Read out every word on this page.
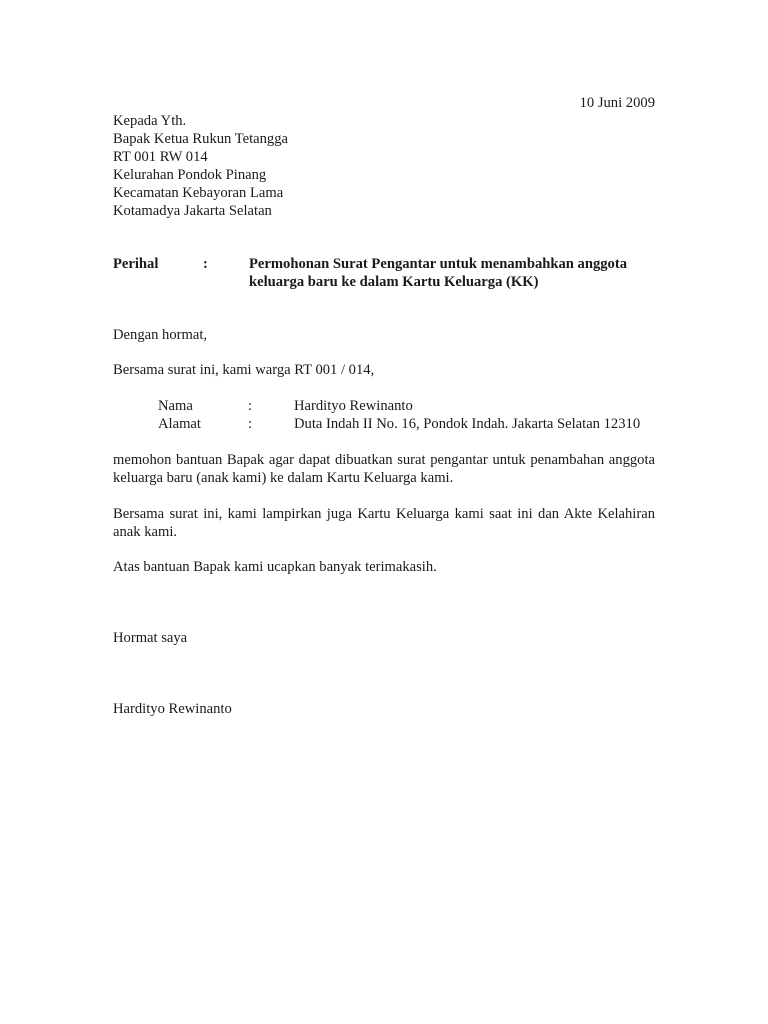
10 Juni 2009
Kepada Yth.
Bapak Ketua Rukun Tetangga
RT 001 RW 014
Kelurahan Pondok Pinang
Kecamatan Kebayoran Lama
Kotamadya Jakarta Selatan
Perihal	:	Permohonan Surat Pengantar untuk menambahkan anggota
keluarga baru ke dalam Kartu Keluarga (KK)
Dengan hormat,
Bersama surat ini, kami warga RT 001 / 014,
Nama	:	Hardityo Rewinanto
Alamat	:	Duta Indah II No. 16, Pondok Indah. Jakarta Selatan 12310
memohon bantuan Bapak agar dapat dibuatkan surat pengantar untuk penambahan anggota keluarga baru (anak kami) ke dalam Kartu Keluarga kami.
Bersama surat ini, kami lampirkan juga Kartu Keluarga kami saat ini dan Akte Kelahiran anak kami.
Atas bantuan Bapak kami ucapkan banyak terimakasih.
Hormat saya
Hardityo Rewinanto
